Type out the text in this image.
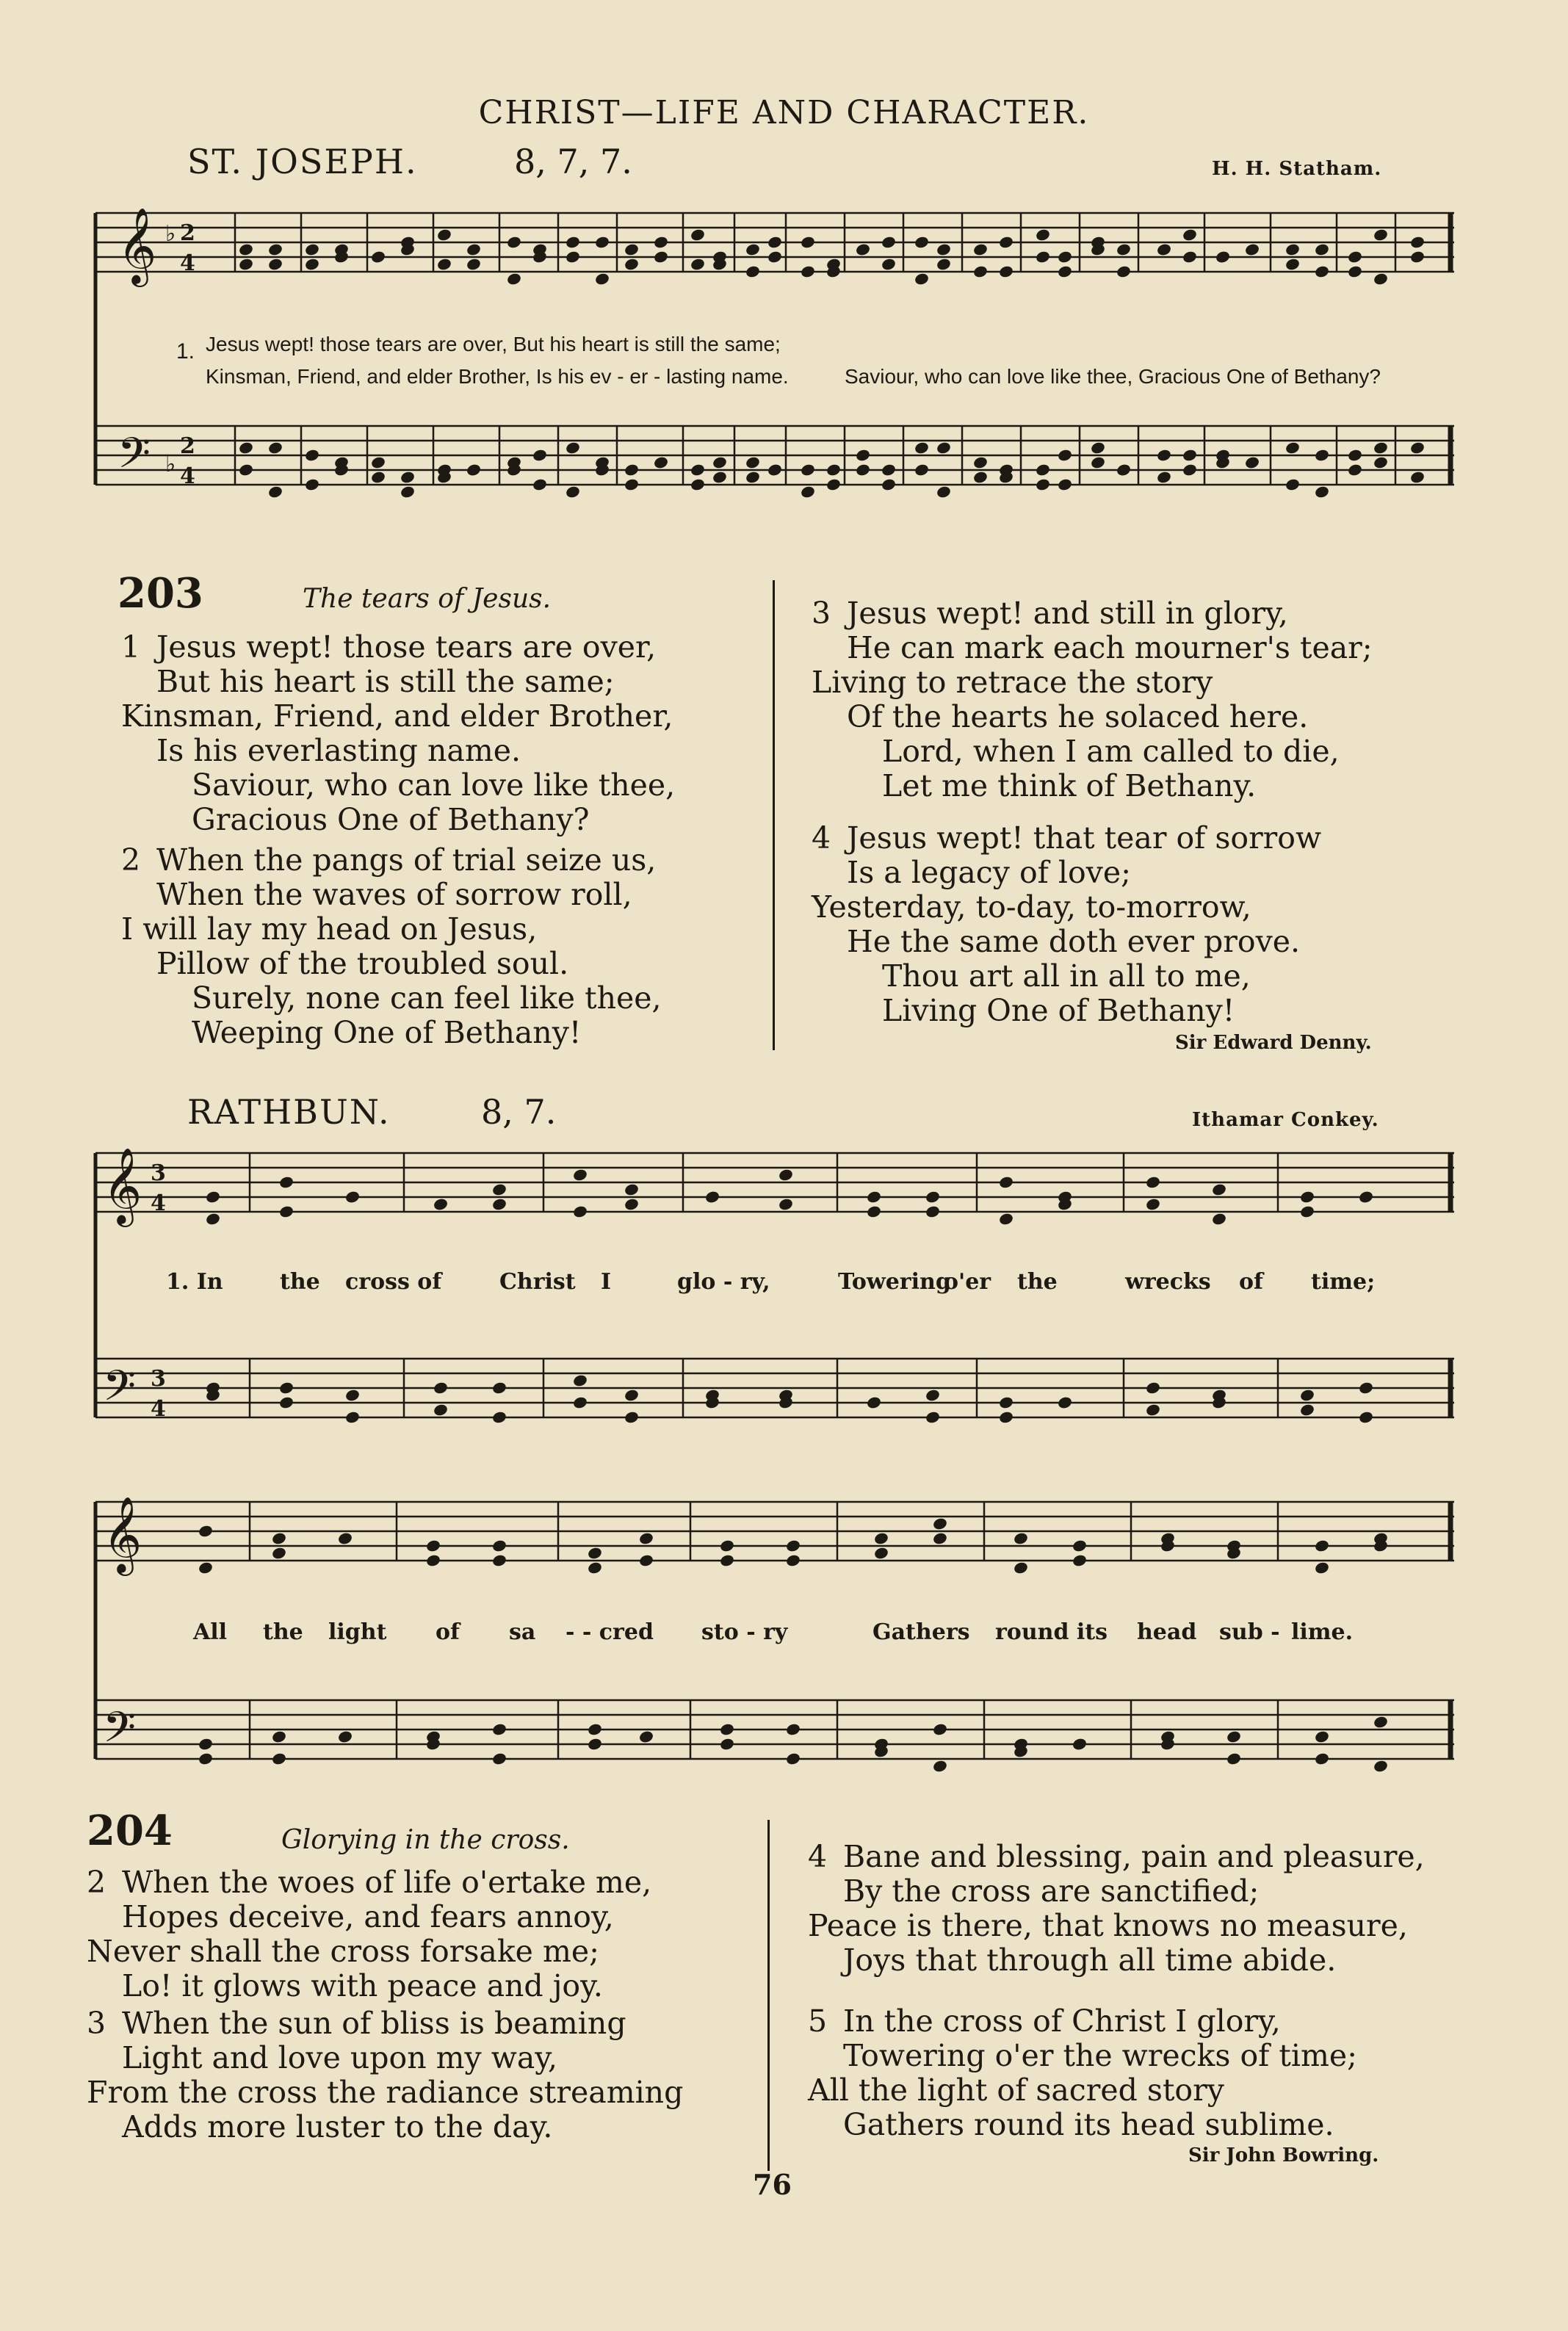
CHRIST—LIFE AND CHARACTER.
ST. JOSEPH.	8, 7, 7.	H. H. Statham.
𝄞
𝄢
♭
♭
2
4
2
4
1. Jesus wept! those tears are over, But his heart is still the same;
Kinsman, Friend, and elder Brother, Is his ev - er - lasting name.	Saviour, who can love like thee, Gracious One of Bethany?
203	The tears of Jesus.
1 Jesus wept! those tears are over,
But his heart is still the same;
Kinsman, Friend, and elder Brother,
Is his everlasting name.
Saviour, who can love like thee,
Gracious One of Bethany?
2 When the pangs of trial seize us,
When the waves of sorrow roll,
I will lay my head on Jesus,
Pillow of the troubled soul.
Surely, none can feel like thee,
Weeping One of Bethany!
3 Jesus wept! and still in glory,
He can mark each mourner's tear;
Living to retrace the story
Of the hearts he solaced here.
Lord, when I am called to die,
Let me think of Bethany.
4 Jesus wept! that tear of sorrow
Is a legacy of love;
Yesterday, to-day, to-morrow,
He the same doth ever prove.
Thou art all in all to me,
Living One of Bethany!
Sir Edward Denny.
RATHBUN.	8, 7.	Ithamar Conkey.
𝄞
𝄢
3
4
3
4
1. In	the cross of	Christ I	glo - ry,	Towering
o'er the	wrecks of time;
𝄞
𝄢
All the light of sa - - cred sto - ry	Gathers round its head sub - lime.
204	Glorying in the cross.
2 When the woes of life o'ertake me,
Hopes deceive, and fears annoy,
Never shall the cross forsake me;
Lo! it glows with peace and joy.
3 When the sun of bliss is beaming
Light and love upon my way,
From the cross the radiance streaming
Adds more luster to the day.
4 Bane and blessing, pain and pleasure,
By the cross are sanctified;
Peace is there, that knows no measure,
Joys that through all time abide.
5 In the cross of Christ I glory,
Towering o'er the wrecks of time;
All the light of sacred story
Gathers round its head sublime.
Sir John Bowring.
76
